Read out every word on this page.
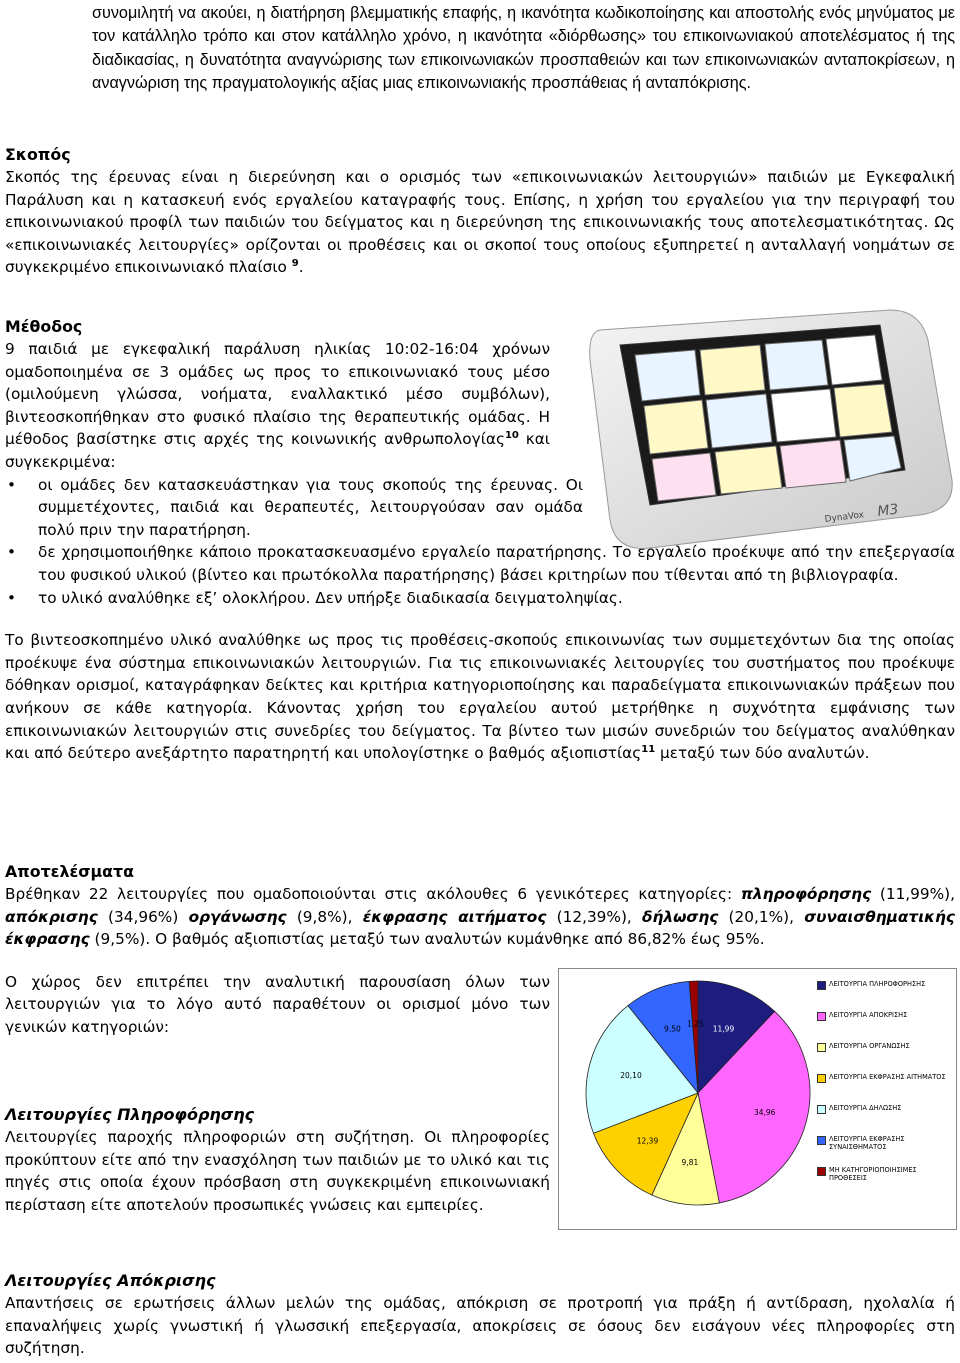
συνομιλητή να ακούει, η διατήρηση βλεμματικής επαφής, η ικανότητα κωδικοποίησης και αποστολής ενός μηνύματος με τον κατάλληλο τρόπο και στον κατάλληλο χρόνο, η ικανότητα «διόρθωσης» του επικοινωνιακού αποτελέσματος ή της διαδικασίας, η δυνατότητα αναγνώρισης των επικοινωνιακών προσπαθειών και των επικοινωνιακών ανταποκρίσεων, η αναγνώριση της πραγματολογικής αξίας μιας επικοινωνιακής προσπάθειας ή ανταπόκρισης.

Σκοπός

Σκοπός της έρευνας είναι η διερεύνηση και ο ορισμός των «επικοινωνιακών λειτουργιών» παιδιών με Εγκεφαλική Παράλυση και η κατασκευή ενός εργαλείου καταγραφής τους. Επίσης, η χρήση του εργαλείου για την περιγραφή του επικοινωνιακού προφίλ των παιδιών του δείγματος και η διερεύνηση της επικοινωνιακής τους αποτελεσματικότητας. Ως «επικοινωνιακές λειτουργίες» ορίζονται οι προθέσεις και οι σκοποί τους οποίους εξυπηρετεί η ανταλλαγή νοημάτων σε συγκεκριμένο επικοινωνιακό πλαίσιο $^9$.

Μέθοδος

9 παιδιά με εγκεφαλική παράλυση ηλικίας 10:02-16:04 χρόνων ομαδοποιημένα σε 3 ομάδες ως προς το επικοινωνιακό τους μέσο (ομιλούμενη γλώσσα, νοήματα, εναλλακτικό μέσο συμβόλων), βιντεοσκοπήθηκαν στο φυσικό πλαίσιο της θεραπευτικής ομάδας. Η μέθοδος βασίστηκε στις αρχές της κοινωνικής ανθρωπολογίας$^{10}$ και συγκεκριμένα:

• οι ομάδες δεν κατασκευάστηκαν για τους σκοπούς της έρευνας. Οι συμμετέχοντες, παιδιά και θεραπευτές, λειτουργούσαν σαν ομάδα πολύ πριν την παρατήρηση.
• δε χρησιμοποιήθηκε κάποιο προκατασκευασμένο εργαλείο παρατήρησης. Το εργαλείο προέκυψε από την επεξεργασία του φυσικού υλικού (βίντεο και πρωτόκολλα παρατήρησης) βάσει κριτηρίων που τίθενται από τη βιβλιογραφία.
• το υλικό αναλύθηκε εξ’ ολοκλήρου. Δεν υπήρξε διαδικασία δειγματοληψίας.

Το βιντεοσκοπημένο υλικό αναλύθηκε ως προς τις προθέσεις-σκοπούς επικοινωνίας των συμμετεχόντων δια της οποίας προέκυψε ένα σύστημα επικοινωνιακών λειτουργιών. Για τις επικοινωνιακές λειτουργίες του συστήματος που προέκυψε δόθηκαν ορισμοί, καταγράφηκαν δείκτες και κριτήρια κατηγοριοποίησης και παραδείγματα επικοινωνιακών πράξεων που ανήκουν σε κάθε κατηγορία. Κάνοντας χρήση του εργαλείου αυτού μετρήθηκε η συχνότητα εμφάνισης των επικοινωνιακών λειτουργιών στις συνεδρίες του δείγματος. Τα βίντεο των μισών συνεδριών του δείγματος αναλύθηκαν και από δεύτερο ανεξάρτητο παρατηρητή και υπολογίστηκε ο βαθμός αξιοπιστίας$^{11}$ μεταξύ των δύο αναλυτών.

Αποτελέσματα

Βρέθηκαν 22 λειτουργίες που ομαδοποιούνται στις ακόλουθες 6 γενικότερες κατηγορίες: πληροφόρησης (11,99%), απόκρισης (34,96%) οργάνωσης (9,8%), έκφρασης αιτήματος (12,39%), δήλωσης (20,1%), συναισθηματικής έκφρασης (9,5%). Ο βαθμός αξιοπιστίας μεταξύ των αναλυτών κυμάνθηκε από 86,82% έως 95%.

Ο χώρος δεν επιτρέπει την αναλυτική παρουσίαση όλων των λειτουργιών για το λόγο αυτό παραθέτουν οι ορισμοί μόνο των γενικών κατηγοριών:

Λειτουργίες Πληροφόρησης

Λειτουργίες παροχής πληροφοριών στη συζήτηση. Οι πληροφορίες προκύπτουν είτε από την ενασχόληση των παιδιών με το υλικό και τις πηγές στις οποία έχουν πρόσβαση στη συγκεκριμένη επικοινωνιακή περίσταση είτε αποτελούν προσωπικές γνώσεις και εμπειρίες.

Λειτουργίες Απόκρισης

Απαντήσεις σε ερωτήσεις άλλων μελών της ομάδας, απόκριση σε προτροπή για πράξη ή αντίδραση, ηχολαλία ή επαναλήψεις χωρίς γνωστική ή γλωσσική επεξεργασία, αποκρίσεις σε όσους δεν εισάγουν νέες πληροφορίες στη συζήτηση.

DynaVox M3
11,99
34,96
9,81
12,39
20,10
9,50
1,25
ΛΕΙΤΟΥΡΓΙΑ ΠΛΗΡΟΦΟΡΗΣΗΣ
ΛΕΙΤΟΥΡΓΙΑ ΑΠΟΚΡΙΣΗΣ
ΛΕΙΤΟΥΡΓΙΑ ΟΡΓΑΝΩΣΗΣ
ΛΕΙΤΟΥΡΓΙΑ ΕΚΦΡΑΣΗΣ ΑΙΤΗΜΑΤΟΣ
ΛΕΙΤΟΥΡΓΙΑ ΔΗΛΩΣΗΣ
ΛΕΙΤΟΥΡΓΙΑ ΕΚΦΡΑΣΗΣ ΣΥΝΑΙΣΘΗΜΑΤΟΣ
ΜΗ ΚΑΤΗΓΟΡΙΟΠΟΙΗΣΙΜΕΣ ΠΡΟΘΕΣΕΙΣ
